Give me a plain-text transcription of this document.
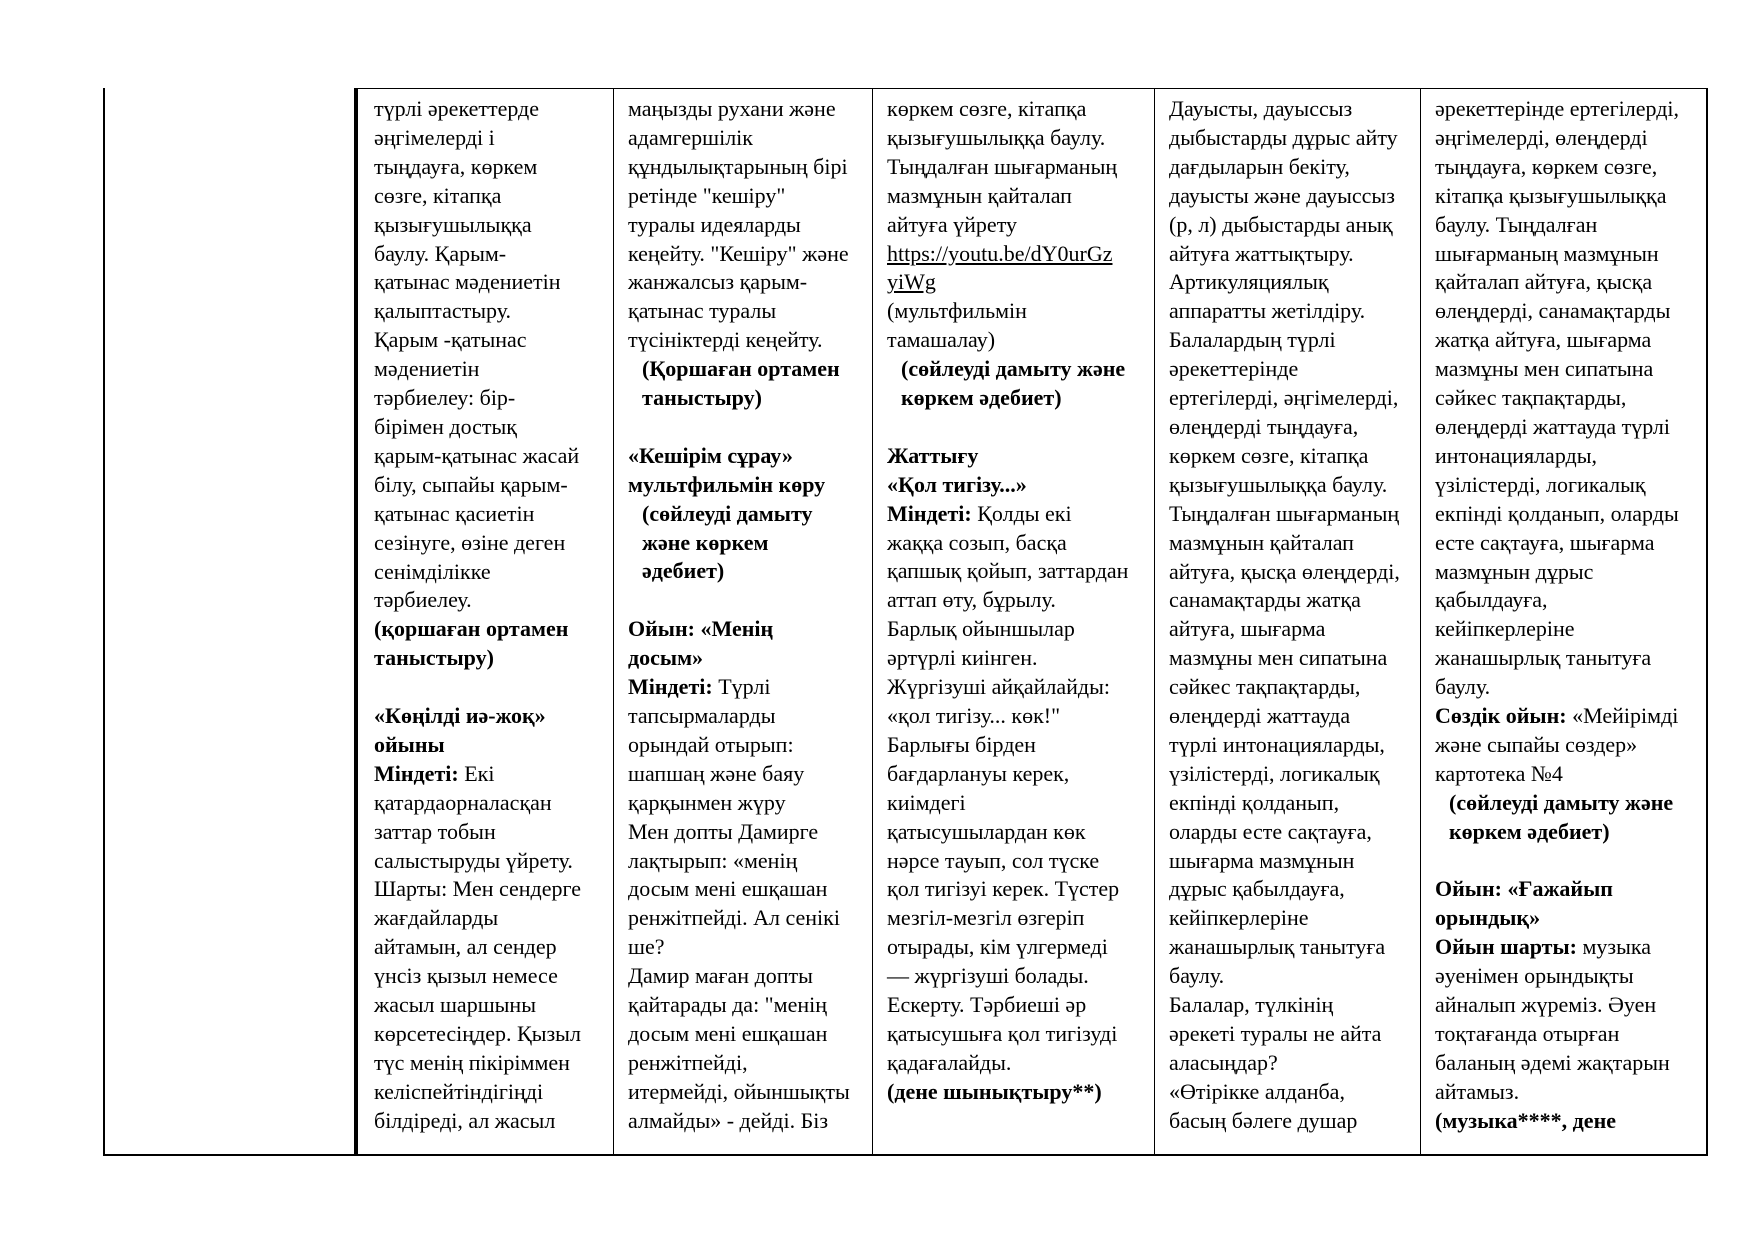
түрлі әрекеттерде
әңгімелерді і
тыңдауға, көркем
сөзге, кітапқа
қызығушылыққа
баулу. Қарым-
қатынас мәдениетін
қалыптастыру.
Қарым -қатынас
мәдениетін
тәрбиелеу: бір-
бірімен достық
қарым-қатынас жасай
білу, сыпайы қарым-
қатынас қасиетін
сезінуге, өзіне деген
сенімділікке
тәрбиелеу.
(қоршаған ортамен
таныстыру)
«Көңілді иә-жоқ»
ойыны
Міндеті: Екі
қатардаорналасқан
заттар тобын
салыстыруды үйрету.
Шарты: Мен сендерге
жағдайларды
айтамын, ал сендер
үнсіз қызыл немесе
жасыл шаршыны
көрсетесіңдер. Қызыл
түс менің пікіріммен
келіспейтіндігіңді
білдіреді, ал жасыл
маңызды рухани және
адамгершілік
құндылықтарының бірі
ретінде "кешіру"
туралы идеяларды
кеңейту. "Кешіру" және
жанжалсыз қарым-
қатынас туралы
түсініктерді кеңейту.
(Қоршаған ортамен
таныстыру)
«Кешірім сұрау»
мультфильмін көру
(сөйлеуді дамыту
және көркем
әдебиет)
Ойын: «Менің
досым»
Міндеті: Түрлі
тапсырмаларды
орындай отырып:
шапшаң және баяу
қарқынмен жүру
Мен допты Дамирге
лақтырып: «менің
досым мені ешқашан
ренжітпейді. Ал сенікі
ше?
Дамир маған допты
қайтарады да: "менің
досым мені ешқашан
ренжітпейді,
итермейді, ойыншықты
алмайды» - дейді. Біз
көркем сөзге, кітапқа
қызығушылыққа баулу.
Тыңдалған шығарманың
мазмұнын қайталап
айтуға үйрету
https://youtu.be/dY0urGz
yiWg
(мультфильмін
тамашалау)
(сөйлеуді дамыту және
көркем әдебиет)
Жаттығу
«Қол тигізу...»
Міндеті: Қолды екі
жаққа созып, басқа
қапшық қойып, заттардан
аттап өту, бұрылу.
Барлық ойыншылар
әртүрлі киінген.
Жүргізуші айқайлайды:
«қол тигізу... көк!"
Барлығы бірден
бағдарлануы керек,
киімдегі
қатысушылардан көк
нәрсе тауып, сол түске
қол тигізуі керек. Түстер
мезгіл-мезгіл өзгеріп
отырады, кім үлгермеді
— жүргізуші болады.
Ескерту. Тәрбиеші әр
қатысушыға қол тигізуді
қадағалайды.
(дене шынықтыру**)
Дауысты, дауыссыз
дыбыстарды дұрыс айту
дағдыларын бекіту,
дауысты және дауыссыз
(р, л) дыбыстарды анық
айтуға жаттықтыру.
Артикуляциялық
аппаратты жетілдіру.
Балалардың түрлі
әрекеттерінде
ертегілерді, әңгімелерді,
өлеңдерді тыңдауға,
көркем сөзге, кітапқа
қызығушылыққа баулу.
Тыңдалған шығарманың
мазмұнын қайталап
айтуға, қысқа өлеңдерді,
санамақтарды жатқа
айтуға, шығарма
мазмұны мен сипатына
сәйкес тақпақтарды,
өлеңдерді жаттауда
түрлі интонацияларды,
үзілістерді, логикалық
екпінді қолданып,
оларды есте сақтауға,
шығарма мазмұнын
дұрыс қабылдауға,
кейіпкерлеріне
жанашырлық танытуға
баулу.
Балалар, түлкінің
әрекеті туралы не айта
аласыңдар?
«Өтірікке алданба,
басың бәлеге душар
әрекеттерінде ертегілерді,
әңгімелерді, өлеңдерді
тыңдауға, көркем сөзге,
кітапқа қызығушылыққа
баулу. Тыңдалған
шығарманың мазмұнын
қайталап айтуға, қысқа
өлеңдерді, санамақтарды
жатқа айтуға, шығарма
мазмұны мен сипатына
сәйкес тақпақтарды,
өлеңдерді жаттауда түрлі
интонацияларды,
үзілістерді, логикалық
екпінді қолданып, оларды
есте сақтауға, шығарма
мазмұнын дұрыс
қабылдауға,
кейіпкерлеріне
жанашырлық танытуға
баулу.
Сөздік ойын: «Мейірімді
және сыпайы сөздер»
картотека №4
(сөйлеуді дамыту және
көркем әдебиет)
Ойын: «Ғажайып
орындық»
Ойын шарты: музыка
әуенімен орындықты
айналып жүреміз. Әуен
тоқтағанда отырған
баланың әдемі жақтарын
айтамыз.
(музыка****, дене
